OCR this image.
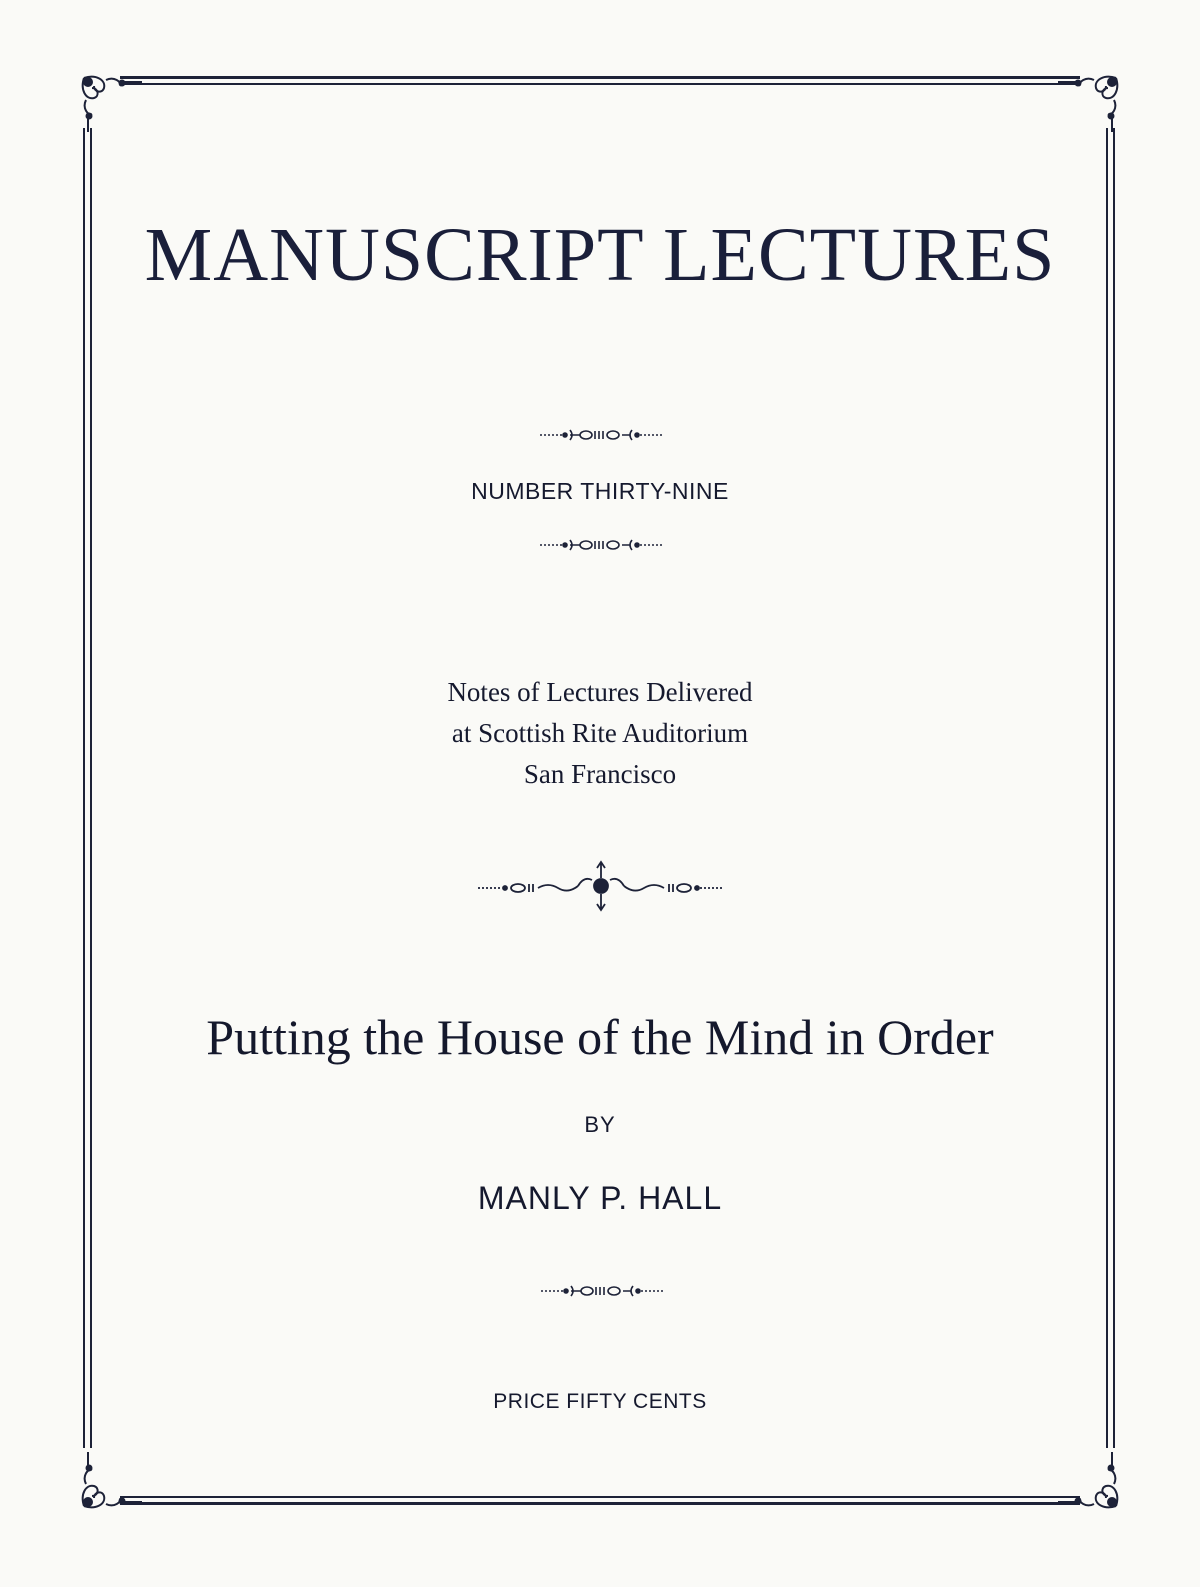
MANUSCRIPT LECTURES
NUMBER THIRTY-NINE
Notes of Lectures Delivered
at Scottish Rite Auditorium
San Francisco
Putting the House of the Mind in Order
BY
MANLY P. HALL
PRICE FIFTY CENTS
